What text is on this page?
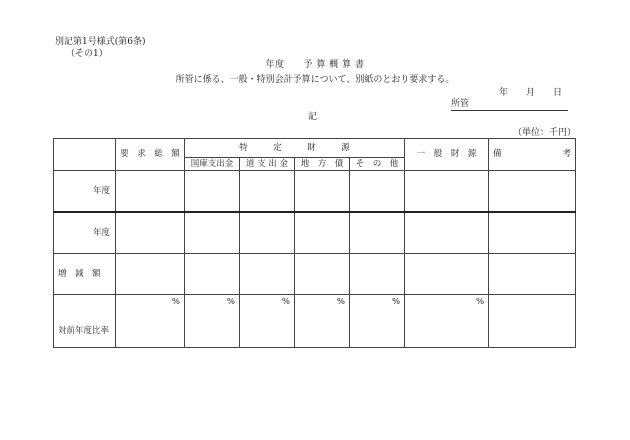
別記第1号様式(第6条)
（その1）
年度　　予 算 概 算 書
所管に係る、一般・特別会計予算について、別紙のとおり要求する。
年　　月　　日
所管
記
（単位：千円）
	要　求　総　額	特　　　定　　　財　　　源				一　般　財　源	備 考

		国庫支出金	道 支 出 金	地　方　債	そ　の　他		
年度							
年度							
増　減　額							
対前年度比率	%	%	%	%	%	%	
